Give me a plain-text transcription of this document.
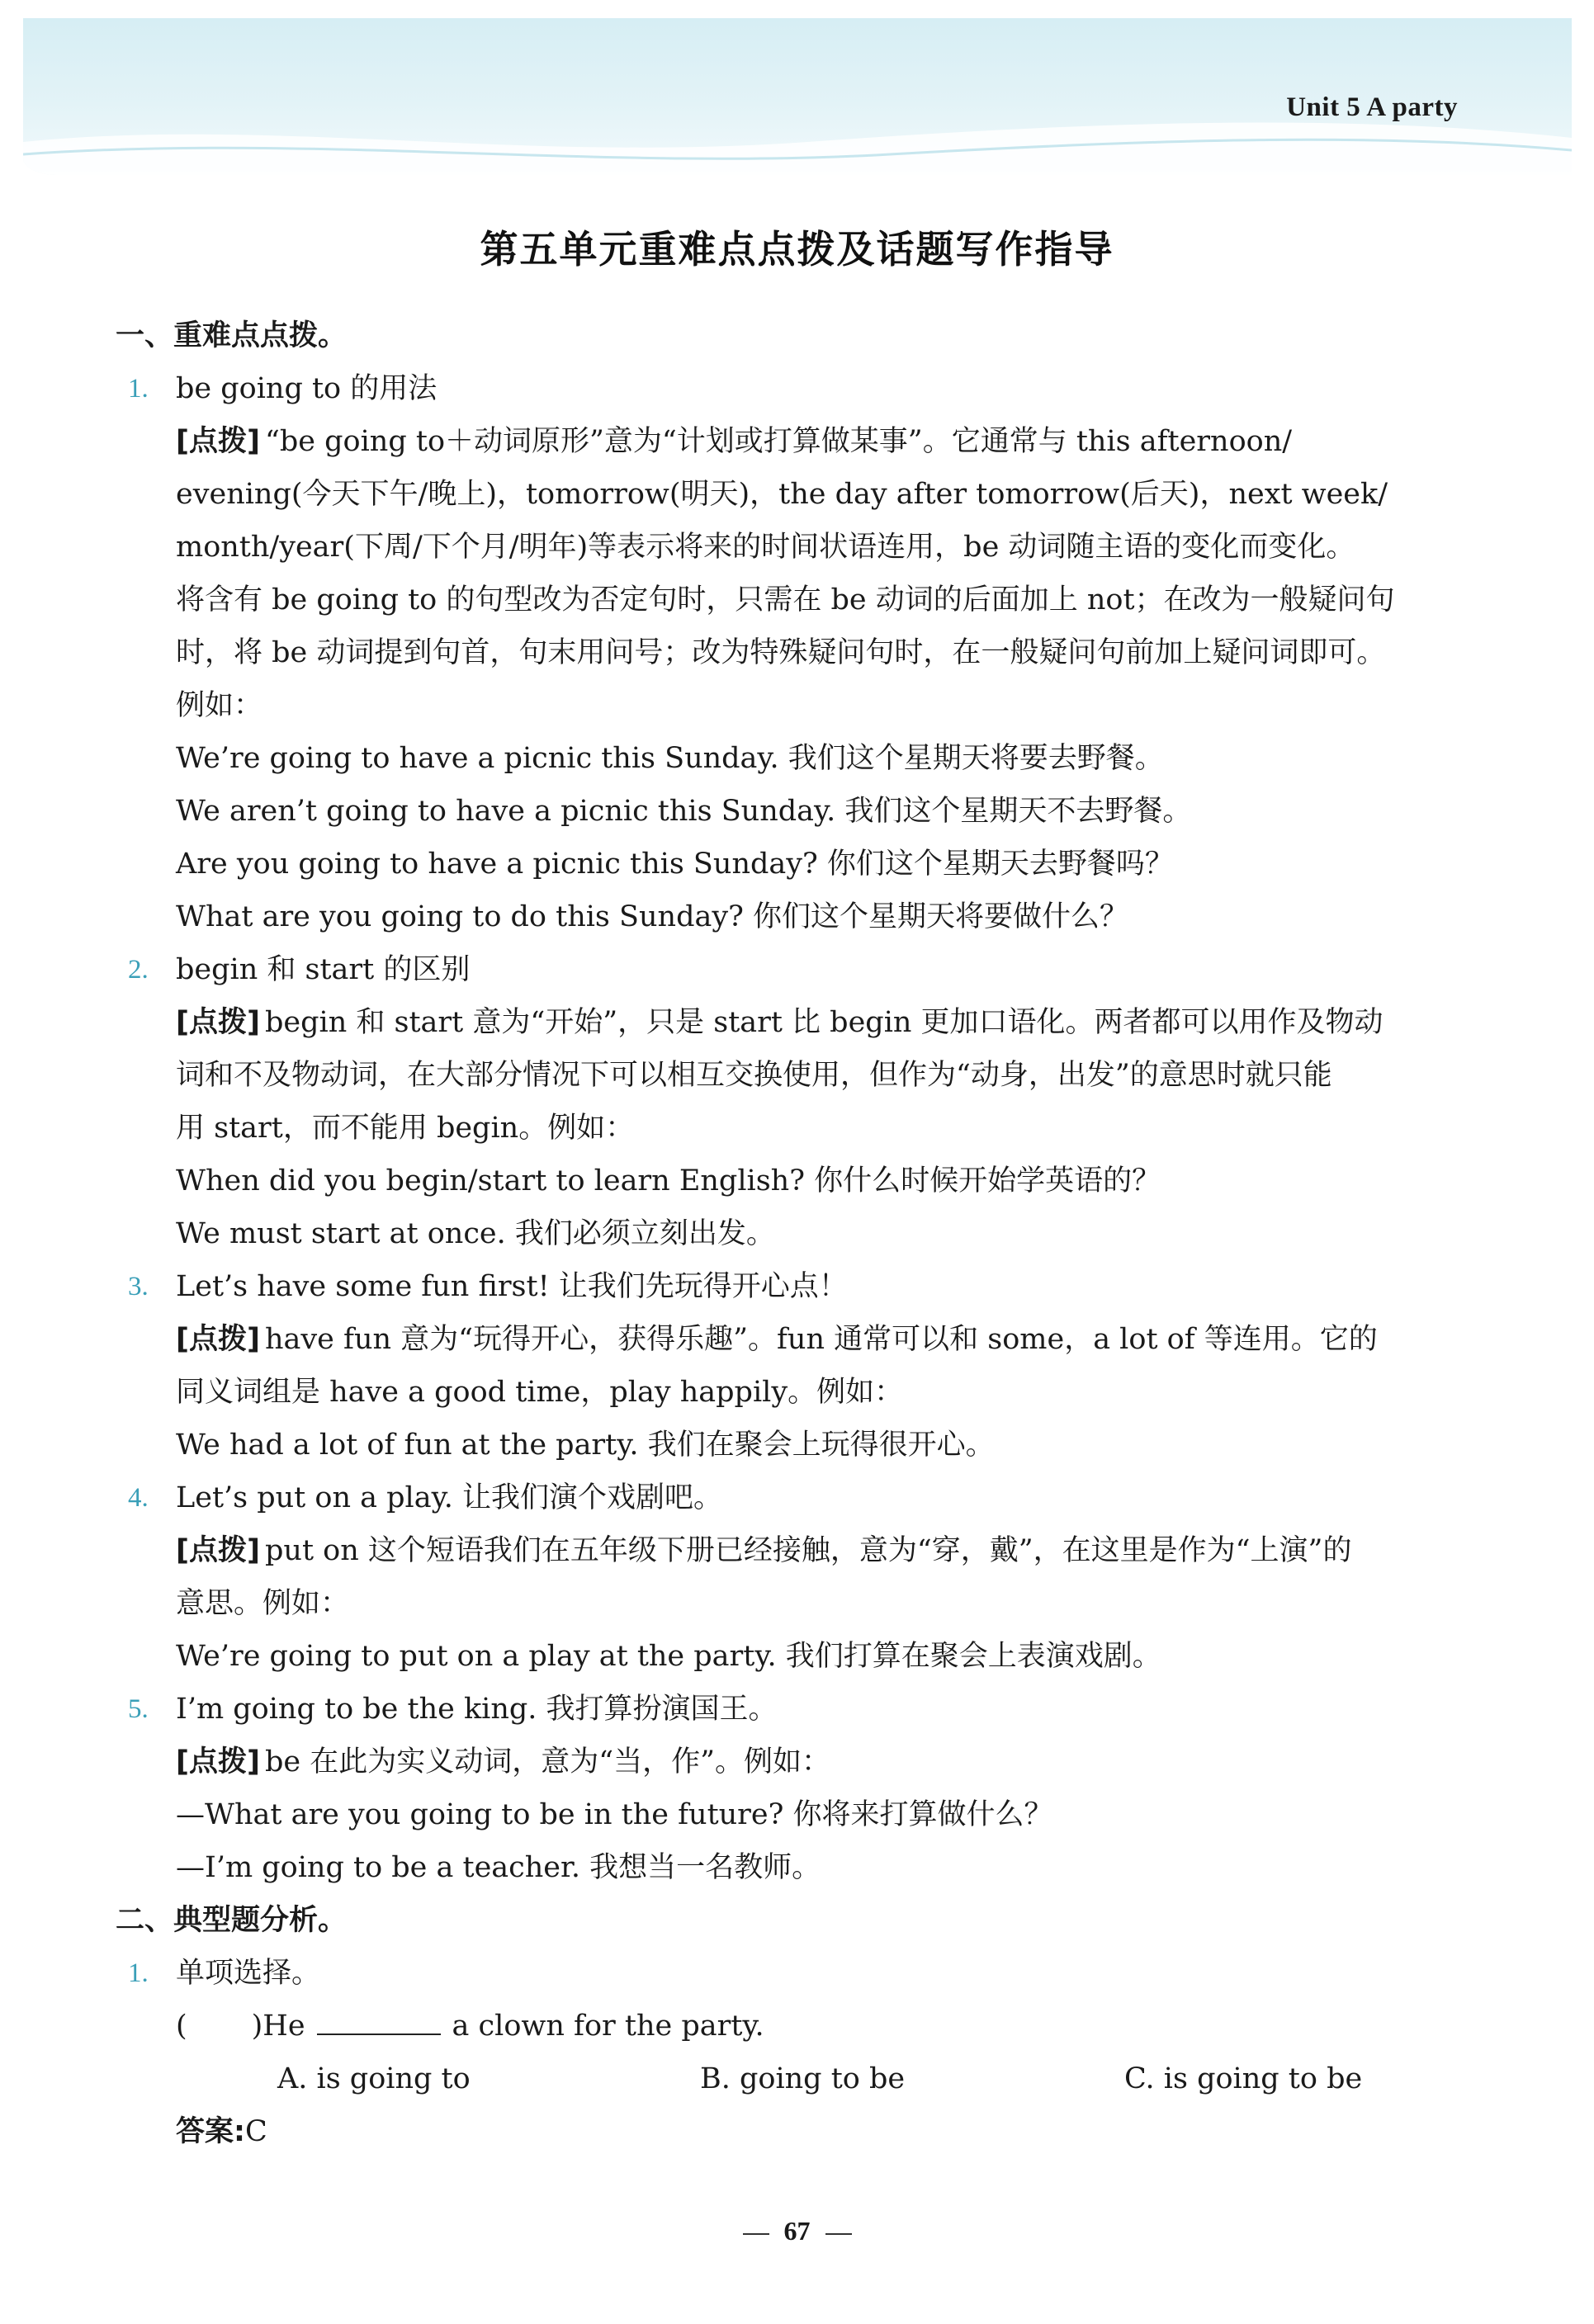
Unit 5 A party
第五单元重难点点拨及话题写作指导
一、重难点点拨。
1. be going to 的用法
[点拨] “be going to＋动词原形”意为“计划或打算做某事”。它通常与 this afternoon/
evening(今天下午/晚上)，tomorrow(明天)，the day after tomorrow(后天)，next week/
month/year(下周/下个月/明年)等表示将来的时间状语连用，be 动词随主语的变化而变化。
将含有 be going to 的句型改为否定句时，只需在 be 动词的后面加上 not；在改为一般疑问句
时，将 be 动词提到句首，句末用问号；改为特殊疑问句时，在一般疑问句前加上疑问词即可。
例如：
We’re going to have a picnic this Sunday. 我们这个星期天将要去野餐。
We aren’t going to have a picnic this Sunday. 我们这个星期天不去野餐。
Are you going to have a picnic this Sunday? 你们这个星期天去野餐吗？
What are you going to do this Sunday? 你们这个星期天将要做什么？
2. begin 和 start 的区别
[点拨] begin 和 start 意为“开始”，只是 start 比 begin 更加口语化。两者都可以用作及物动
词和不及物动词，在大部分情况下可以相互交换使用，但作为“动身，出发”的意思时就只能
用 start，而不能用 begin。例如：
When did you begin/start to learn English? 你什么时候开始学英语的？
We must start at once. 我们必须立刻出发。
3. Let’s have some fun first! 让我们先玩得开心点！
[点拨] have fun 意为“玩得开心，获得乐趣”。fun 通常可以和 some，a lot of 等连用。它的
同义词组是 have a good time，play happily。例如：
We had a lot of fun at the party. 我们在聚会上玩得很开心。
4. Let’s put on a play. 让我们演个戏剧吧。
[点拨] put on 这个短语我们在五年级下册已经接触，意为“穿，戴”，在这里是作为“上演”的
意思。例如：
We’re going to put on a play at the party. 我们打算在聚会上表演戏剧。
5. I’m going to be the king. 我打算扮演国王。
[点拨] be 在此为实义动词，意为“当，作”。例如：
—What are you going to be in the future? 你将来打算做什么？
—I’m going to be a teacher. 我想当一名教师。
二、典型题分析。
1. 单项选择。
( )He	a clown for the party.
A. is going to	B. going to be	C. is going to be
答案:C
67
